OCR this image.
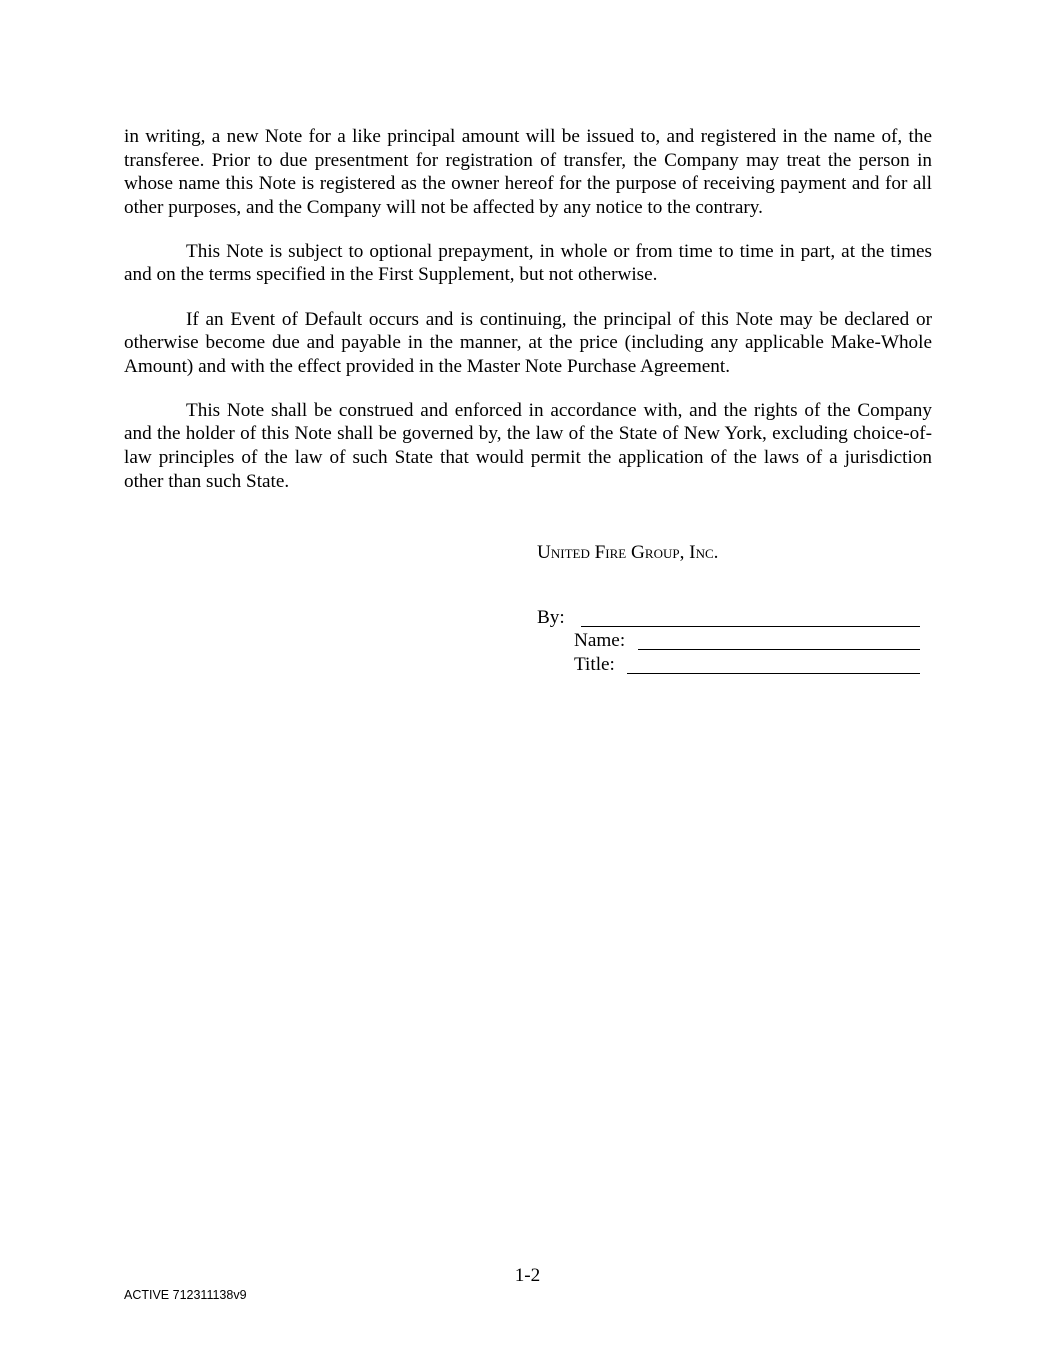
in writing, a new Note for a like principal amount will be issued to, and registered in the name of, the transferee. Prior to due presentment for registration of transfer, the Company may treat the person in whose name this Note is registered as the owner hereof for the purpose of receiving payment and for all other purposes, and the Company will not be affected by any notice to the contrary.

This Note is subject to optional prepayment, in whole or from time to time in part, at the times and on the terms specified in the First Supplement, but not otherwise.

If an Event of Default occurs and is continuing, the principal of this Note may be declared or otherwise become due and payable in the manner, at the price (including any applicable Make-Whole Amount) and with the effect provided in the Master Note Purchase Agreement.

This Note shall be construed and enforced in accordance with, and the rights of the Company and the holder of this Note shall be governed by, the law of the State of New York, excluding choice-of-law principles of the law of such State that would permit the application of the laws of a jurisdiction other than such State.

United Fire Group, Inc.
By:
Name:
Title:
1-2
ACTIVE 712311138v9
